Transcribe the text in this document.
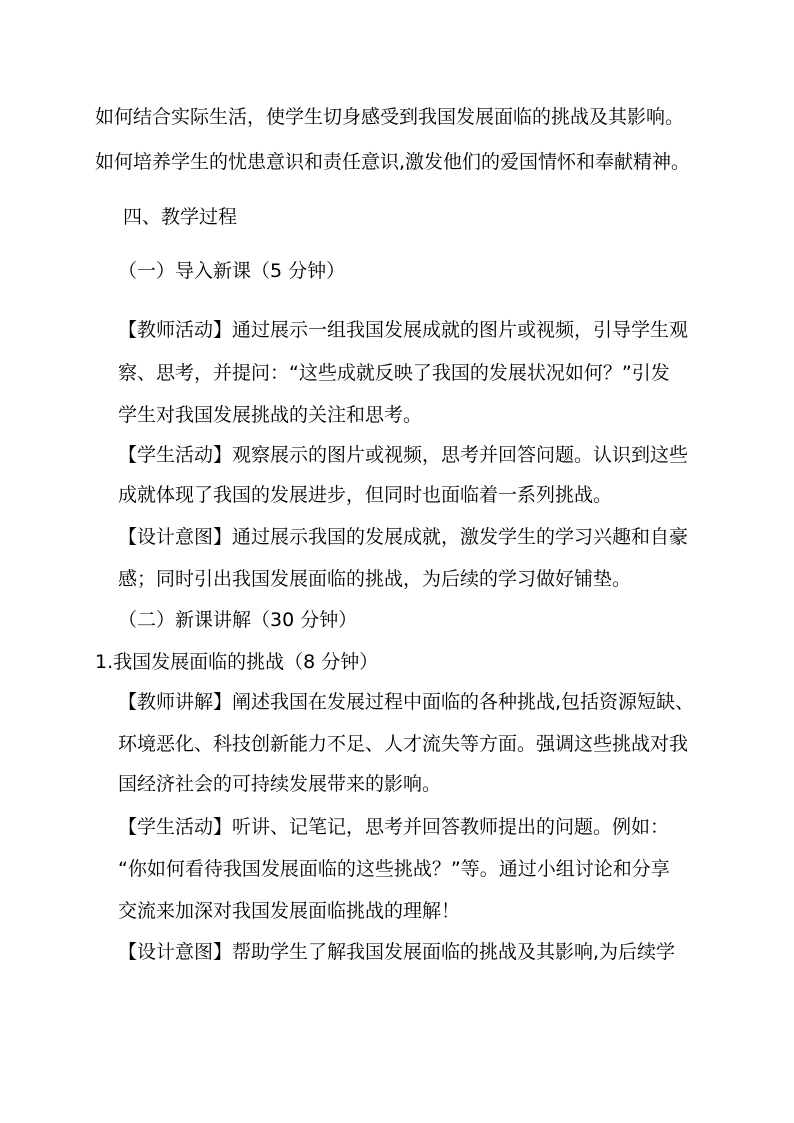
如何结合实际生活，使学生切身感受到我国发展面临的挑战及其影响。
如何培养学生的忧患意识和责任意识,激发他们的爱国情怀和奉献精神。
四、教学过程
（一）导入新课（5 分钟）
【教师活动】通过展示一组我国发展成就的图片或视频，引导学生观
察、思考，并提问：“这些成就反映了我国的发展状况如何？”引发
学生对我国发展挑战的关注和思考。
【学生活动】观察展示的图片或视频，思考并回答问题。认识到这些
成就体现了我国的发展进步，但同时也面临着一系列挑战。
【设计意图】通过展示我国的发展成就，激发学生的学习兴趣和自豪
感；同时引出我国发展面临的挑战，为后续的学习做好铺垫。
（二）新课讲解（30 分钟）
1.我国发展面临的挑战（8 分钟）
【教师讲解】阐述我国在发展过程中面临的各种挑战,包括资源短缺、
环境恶化、科技创新能力不足、人才流失等方面。强调这些挑战对我
国经济社会的可持续发展带来的影响。
【学生活动】听讲、记笔记，思考并回答教师提出的问题。例如：
“你如何看待我国发展面临的这些挑战？”等。通过小组讨论和分享
交流来加深对我国发展面临挑战的理解！
【设计意图】帮助学生了解我国发展面临的挑战及其影响,为后续学
